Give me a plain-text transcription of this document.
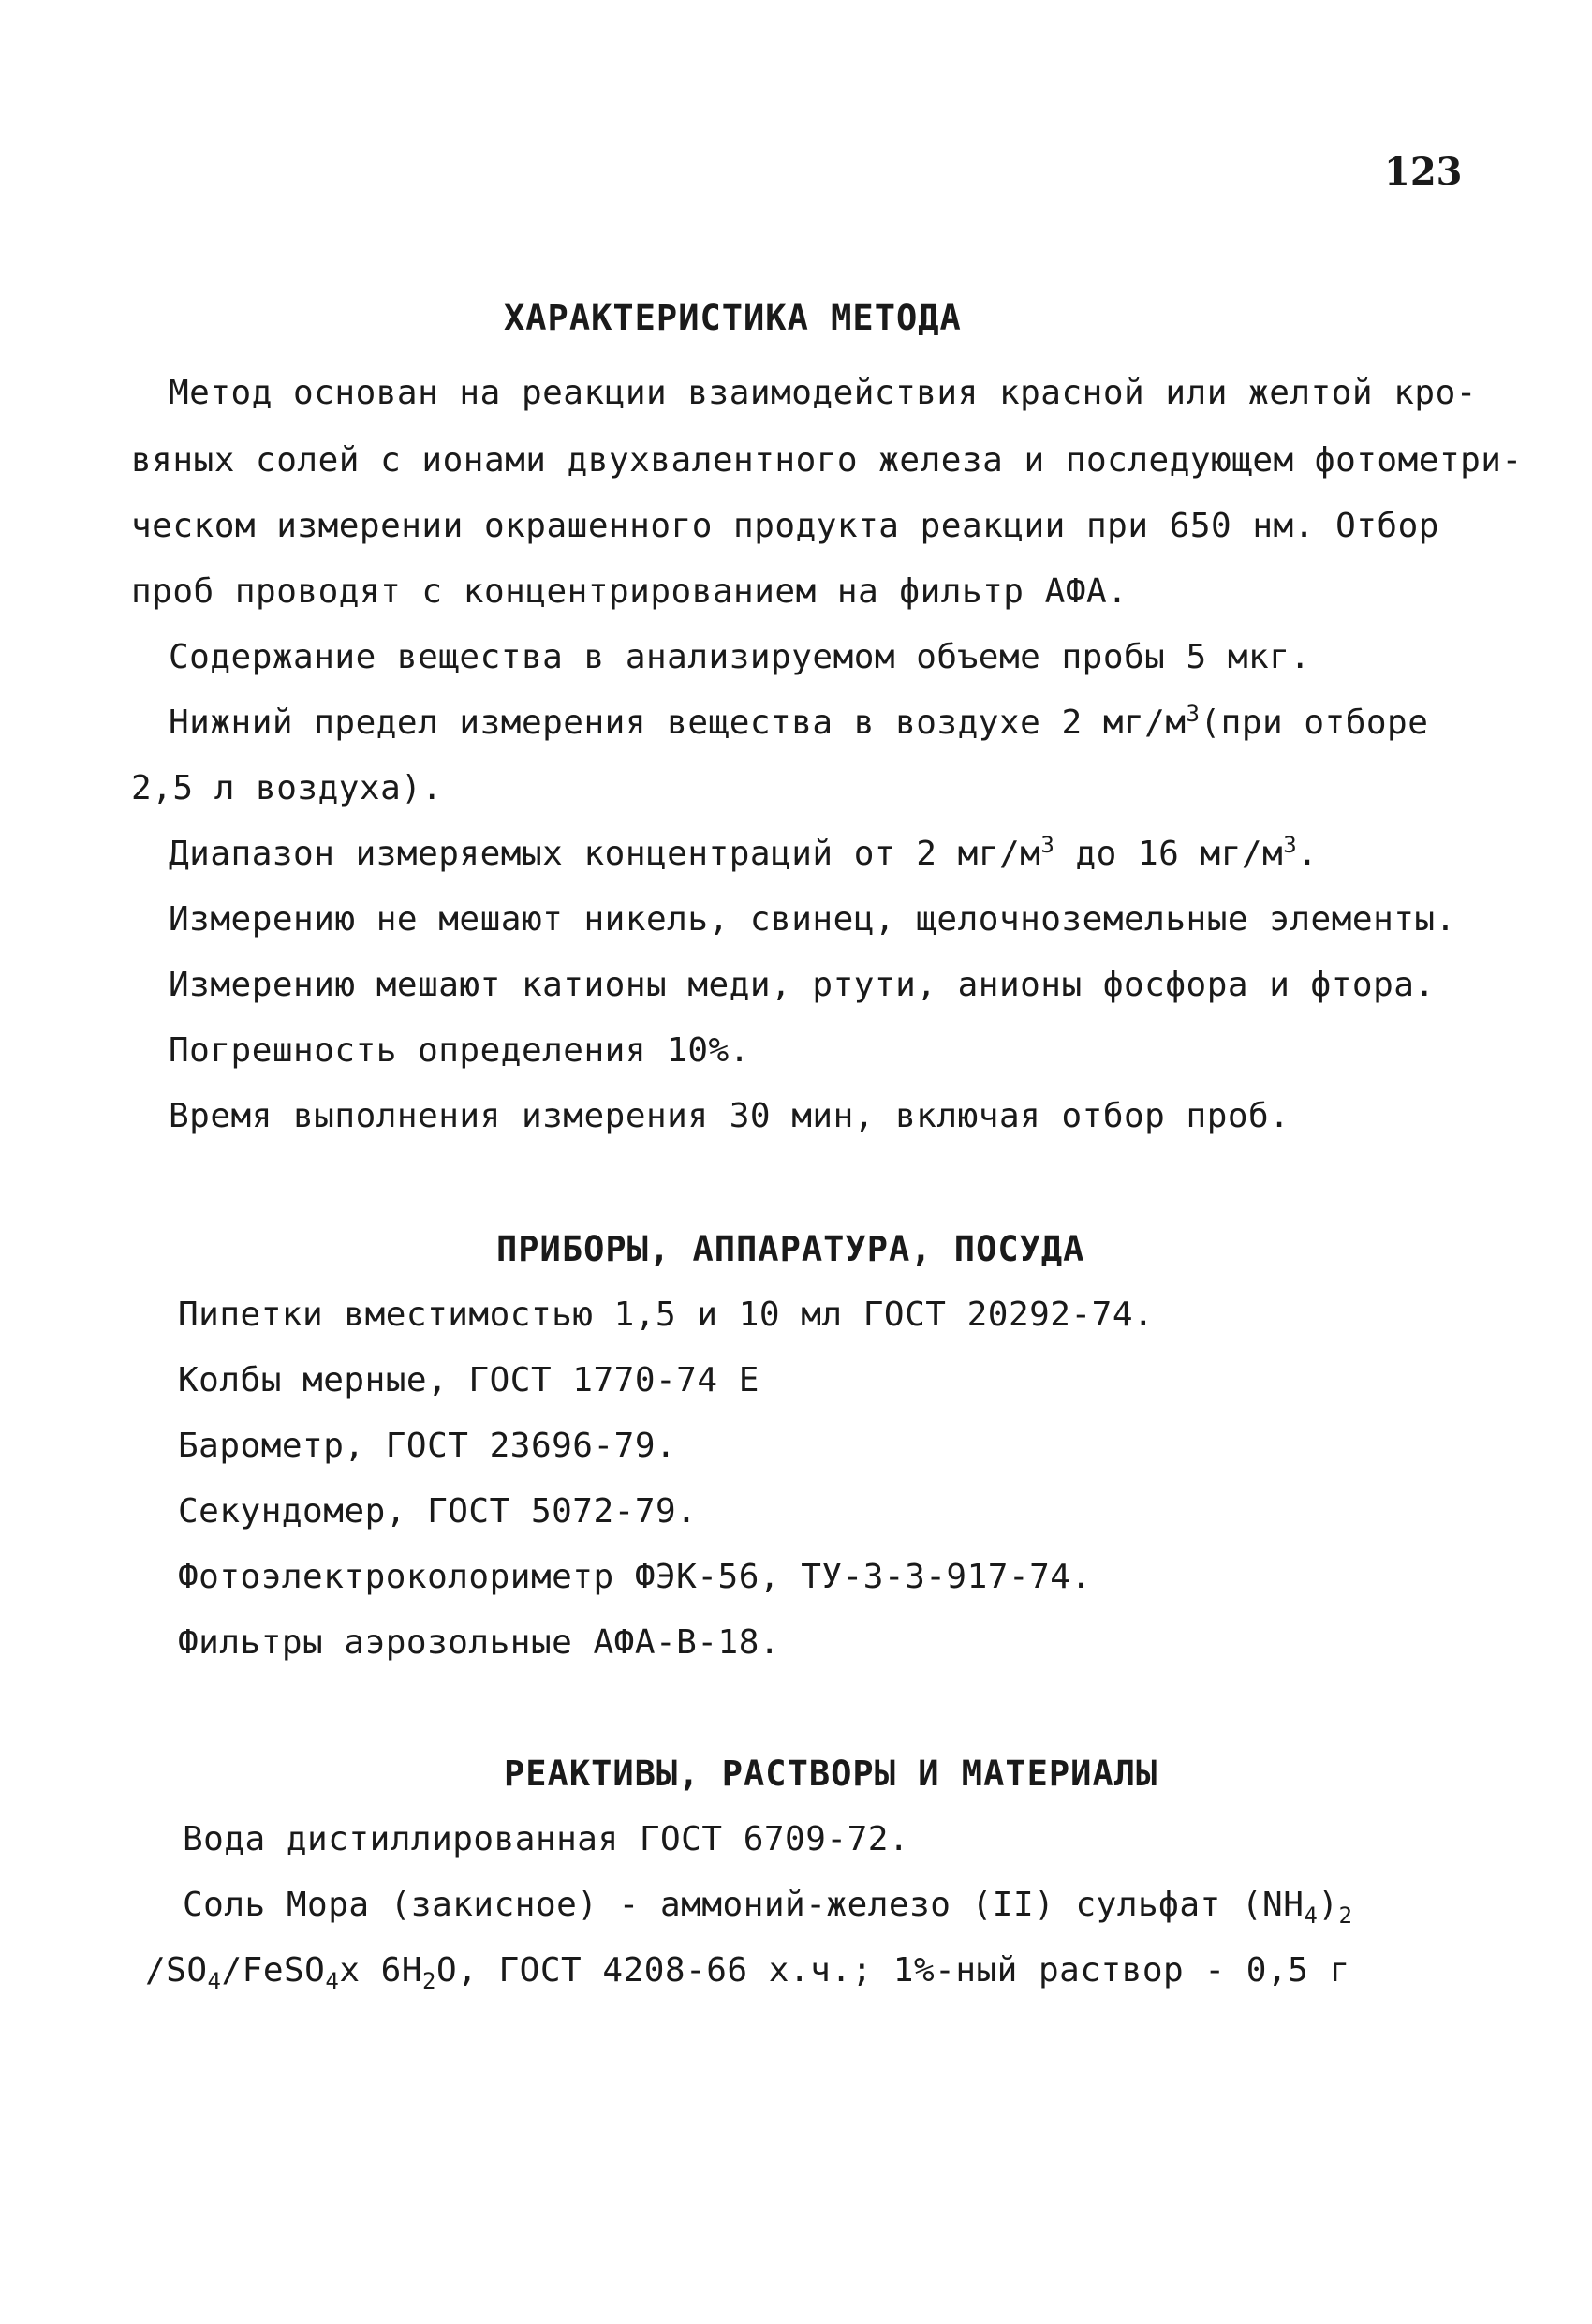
123
ХАРАКТЕРИСТИКА МЕТОДА
Метод основан на реакции взаимодействия красной или желтой кро-
вяных солей с ионами двухвалентного железа и последующем фотометри-
ческом измерении окрашенного продукта реакции при 650 нм. Отбор
проб проводят с концентрированием на фильтр АФА.
Содержание вещества в анализируемом объеме пробы 5 мкг.
Нижний предел измерения вещества в воздухе 2 $мг/м^3(при$ отборе
2,5 л воздуха).
Диапазон измеряемых концентраций от 2 $мг/м^3$ до 16 $мг/м^3$.
Измерению не мешают никель, свинец, щелочноземельные элементы.
Измерению мешают катионы меди, ртути, анионы фосфора и фтора.
Погрешность определения 10%.
Время выполнения измерения 30 мин, включая отбор проб.
ПРИБОРЫ, АППАРАТУРА, ПОСУДА
Пипетки вместимостью 1,5 и 10 мл ГОСТ 20292-74.
Колбы мерные, ГОСТ 1770-74 Е
Барометр, ГОСТ 23696-79.
Секундомер, ГОСТ 5072-79.
Фотоэлектроколориметр ФЭК-56, ТУ-3-3-917-74.
Фильтры аэрозольные АФА-В-18.
РЕАКТИВЫ, РАСТВОРЫ И МАТЕРИАЛЫ
Вода дистиллированная ГОСТ 6709-72.
Соль Мора (закисное) - аммоний-железо (II) сульфат $(NH_4)_2$
$/SO_4/FeSO_4x$ $6H_2O$, ГОСТ 4208-66 х.ч.; 1%-ный раствор - 0,5 г
